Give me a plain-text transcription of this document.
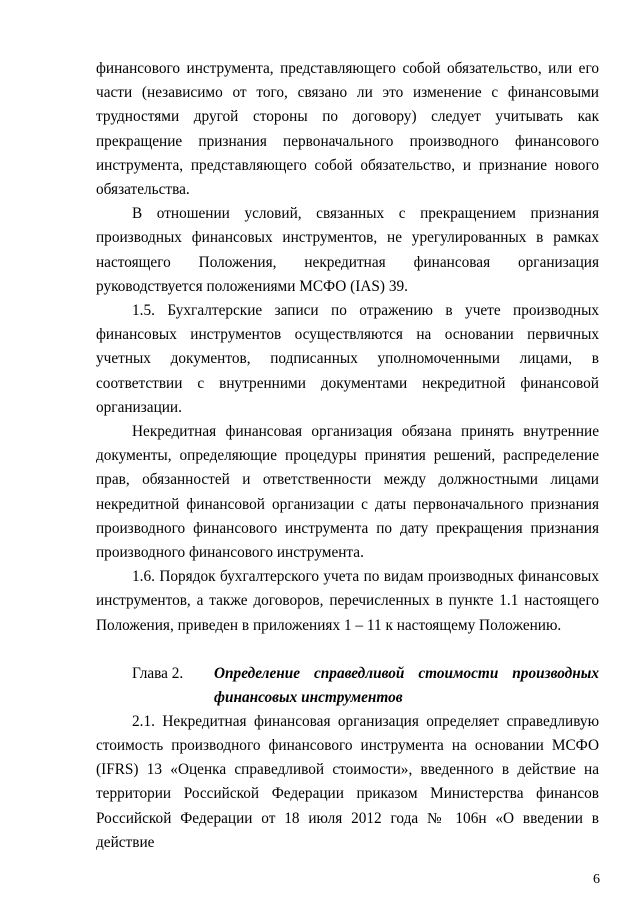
финансового инструмента, представляющего собой обязательство, или его части (независимо от того, связано ли это изменение с финансовыми трудностями другой стороны по договору) следует учитывать как прекращение признания первоначального производного финансового инструмента, представляющего собой обязательство, и признание нового обязательства.

В отношении условий, связанных с прекращением признания производных финансовых инструментов, не урегулированных в рамках настоящего Положения, некредитная финансовая организация руководствуется положениями МСФО (IAS) 39.

1.5. Бухгалтерские записи по отражению в учете производных финансовых инструментов осуществляются на основании первичных учетных документов, подписанных уполномоченными лицами, в соответствии с внутренними документами некредитной финансовой организации.

Некредитная финансовая организация обязана принять внутренние документы, определяющие процедуры принятия решений, распределение прав, обязанностей и ответственности между должностными лицами некредитной финансовой организации с даты первоначального признания производного финансового инструмента по дату прекращения признания производного финансового инструмента.

1.6. Порядок бухгалтерского учета по видам производных финансовых инструментов, а также договоров, перечисленных в пункте 1.1 настоящего Положения, приведен в приложениях 1 – 11 к настоящему Положению.

Глава 2. Определение справедливой стоимости производных финансовых инструментов

2.1. Некредитная финансовая организация определяет справедливую стоимость производного финансового инструмента на основании МСФО (IFRS) 13 «Оценка справедливой стоимости», введенного в действие на территории Российской Федерации приказом Министерства финансов Российской Федерации от 18 июля 2012 года № 106н «О введении в действие

6
